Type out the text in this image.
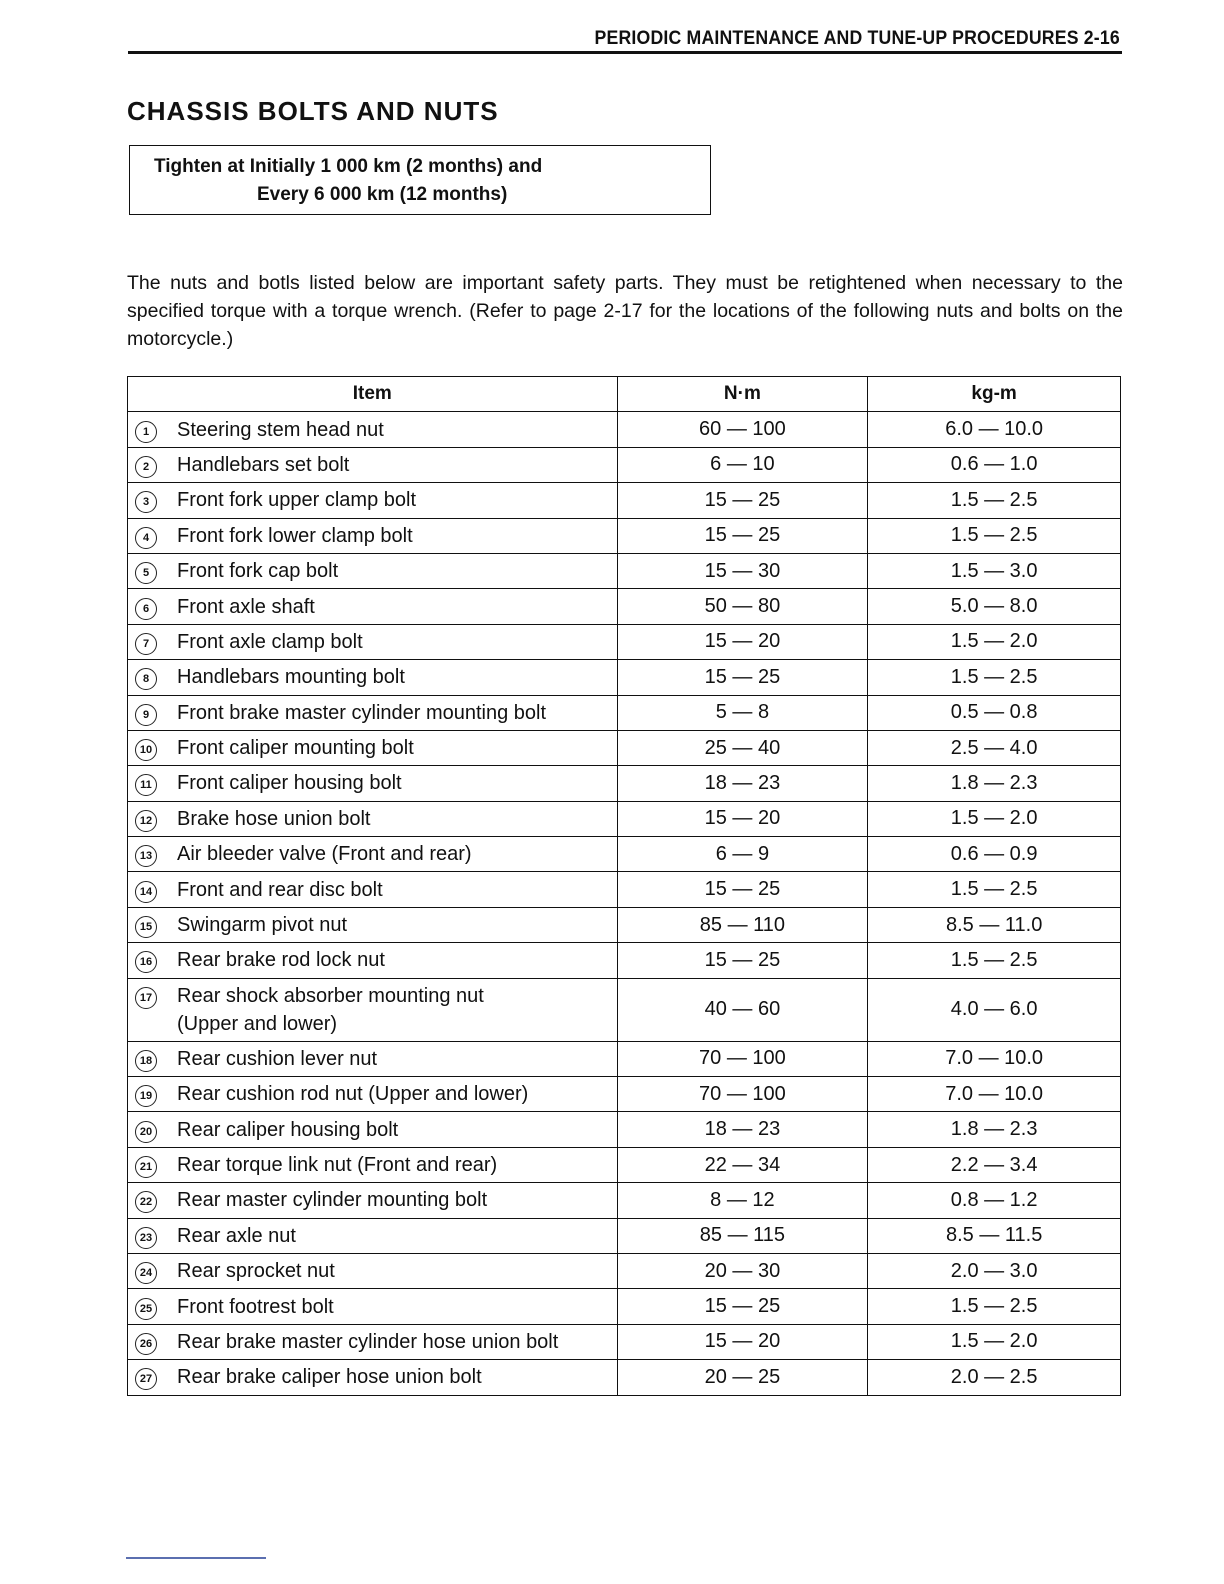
PERIODIC MAINTENANCE AND TUNE-UP PROCEDURES 2-16
CHASSIS BOLTS AND NUTS
Tighten at Initially 1 000 km (2 months) and
Every 6 000 km (12 months)
The nuts and botls listed below are important safety parts. They must be retightened when necessary to the specified torque with a torque wrench. (Refer to page 2-17 for the locations of the following nuts and bolts on the motorcycle.)
Item	N·m	kg-m

1 Steering stem head nut	60 — 100	6.0 — 10.0

2 Handlebars set bolt	6 — 10	0.6 — 1.0

3 Front fork upper clamp bolt	15 — 25	1.5 — 2.5

4 Front fork lower clamp bolt	15 — 25	1.5 — 2.5

5 Front fork cap bolt	15 — 30	1.5 — 3.0

6 Front axle shaft	50 — 80	5.0 — 8.0

7 Front axle clamp bolt	15 — 20	1.5 — 2.0

8 Handlebars mounting bolt	15 — 25	1.5 — 2.5

9 Front brake master cylinder mounting bolt	5 — 8	0.5 — 0.8

10 Front caliper mounting bolt	25 — 40	2.5 — 4.0

11 Front caliper housing bolt	18 — 23	1.8 — 2.3

12 Brake hose union bolt	15 — 20	1.5 — 2.0

13 Air bleeder valve (Front and rear)	6 — 9	0.6 — 0.9

14 Front and rear disc bolt	15 — 25	1.5 — 2.5

15 Swingarm pivot nut	85 — 110	8.5 — 11.0

16 Rear brake rod lock nut	15 — 25	1.5 — 2.5

17 Rear shock absorber mounting nut
(Upper and lower)	40 — 60	4.0 — 6.0

18 Rear cushion lever nut	70 — 100	7.0 — 10.0

19 Rear cushion rod nut (Upper and lower)	70 — 100	7.0 — 10.0

20 Rear caliper housing bolt	18 — 23	1.8 — 2.3

21 Rear torque link nut (Front and rear)	22 — 34	2.2 — 3.4

22 Rear master cylinder mounting bolt	8 — 12	0.8 — 1.2

23 Rear axle nut	85 — 115	8.5 — 11.5

24 Rear sprocket nut	20 — 30	2.0 — 3.0

25 Front footrest bolt	15 — 25	1.5 — 2.5

26 Rear brake master cylinder hose union bolt	15 — 20	1.5 — 2.0

27 Rear brake caliper hose union bolt	20 — 25	2.0 — 2.5
